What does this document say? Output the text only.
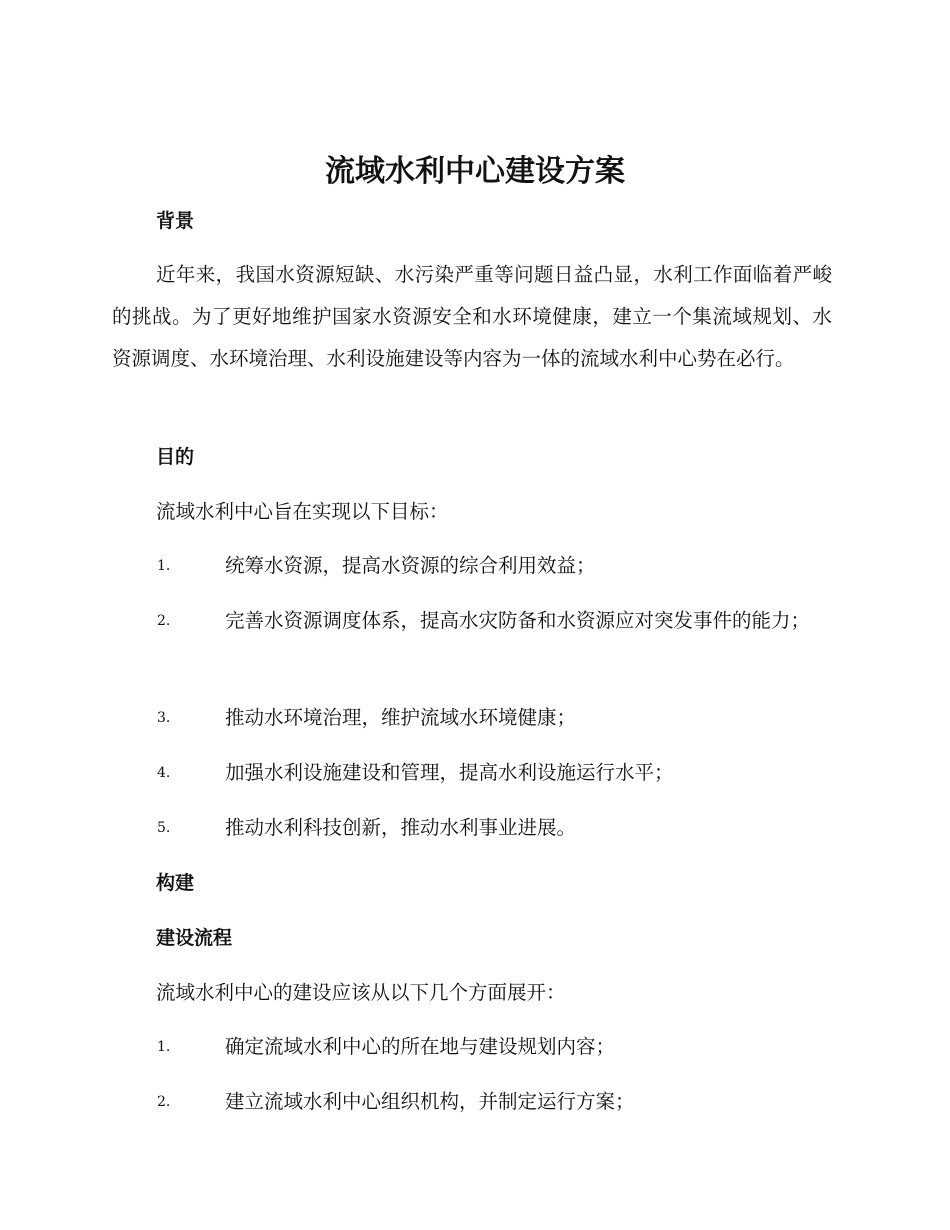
流域水利中心建设方案
背景

近年来，我国水资源短缺、水污染严重等问题日益凸显，水利工作面临着严峻的挑战。为了更好地维护国家水资源安全和水环境健康，建立一个集流域规划、水资源调度、水环境治理、水利设施建设等内容为一体的流域水利中心势在必行。

目的

流域水利中心旨在实现以下目标：

1.	统筹水资源，提高水资源的综合利用效益；
2.	完善水资源调度体系，提高水灾防备和水资源应对突发事件的能力；
3.	推动水环境治理，维护流域水环境健康；
4.	加强水利设施建设和管理，提高水利设施运行水平；
5.	推动水利科技创新，推动水利事业进展。
构建
建设流程

流域水利中心的建设应该从以下几个方面展开：

1.	确定流域水利中心的所在地与建设规划内容；
2.	建立流域水利中心组织机构，并制定运行方案；
